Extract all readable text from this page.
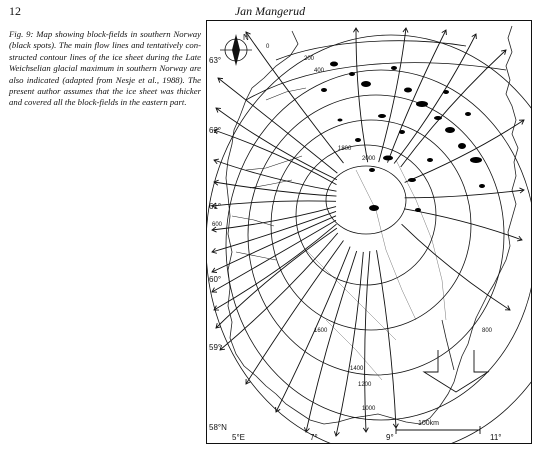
12	Jan Mangerud
Fig. 9: Map showing block-fields in southern Norway (black spots). The main flow lines and tentatively con-structed contour lines of the ice sheet during the Late Weichselian glacial maximum in southern Norway are also indicated (adapted from Nesje et al., 1988). The present author assumes that the ice sheet was thicker and covered all the block-fields in the eastern part.
N
63°
62°
61°
60°
59°
58°N
5°E	7°	9°	11°
0
200
400
600
800
1000
1200
1400
1600
1800
2000
100km
